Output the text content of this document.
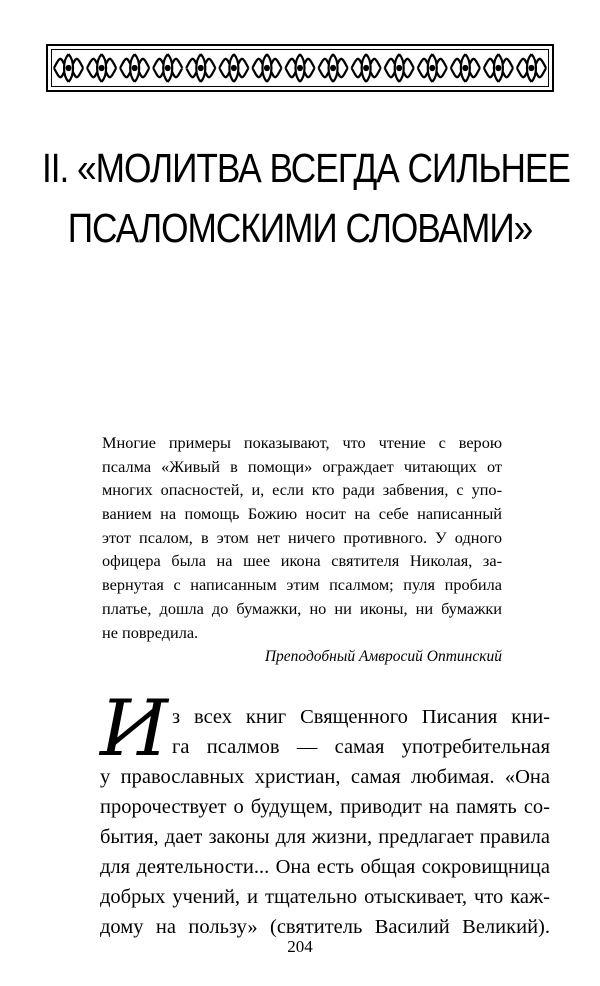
II. «МОЛИТВА ВСЕГДА СИЛЬНЕЕ
ПСАЛОМСКИМИ СЛОВАМИ»
Многие примеры показывают, что чтение с верою
псалма «Живый в помощи» ограждает читающих от
многих опасностей, и, если кто ради забвения, с упо-
ванием на помощь Божию носит на себе написанный
этот псалом, в этом нет ничего противного. У одного
офицера была на шее икона святителя Николая, за-
вернутая с написанным этим псалмом; пуля пробила
платье, дошла до бумажки, но ни иконы, ни бумажки
не повредила.
Преподобный Амвросий Оптинский
И з всех книг Священного Писания кни-
га псалмов — самая употребительная
у православных христиан, самая любимая. «Она
пророчествует о будущем, приводит на память со-
бытия, дает законы для жизни, предлагает правила
для деятельности... Она есть общая сокровищница
добрых учений, и тщательно отыскивает, что каж-
дому на пользу» (святитель Василий Великий).
204
